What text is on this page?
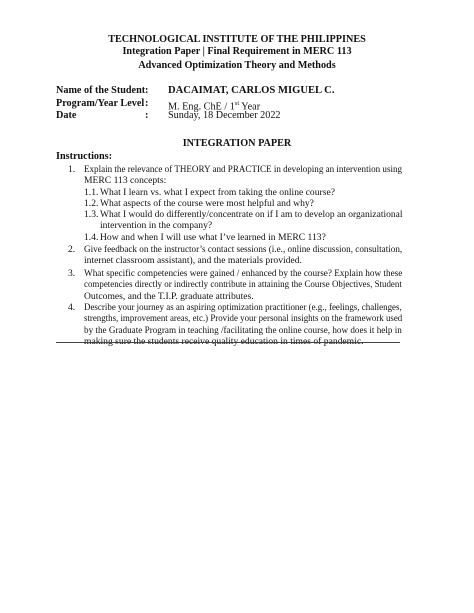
TECHNOLOGICAL INSTITUTE OF THE PHILIPPINES
Integration Paper | Final Requirement in MERC 113
Advanced Optimization Theory and Methods
Name of the Student : DACAIMAT, CARLOS MIGUEL C.
Program/Year Level : M. Eng. ChE / 1st Year
Date	: Sunday, 18 December 2022
INTEGRATION PAPER
Instructions:
1. Explain the relevance of THEORY and PRACTICE in developing an intervention using
MERC 113 concepts:
1.1. What I learn vs. what I expect from taking the online course?
1.2. What aspects of the course were most helpful and why?
1.3. What I would do differently/concentrate on if I am to develop an organizational
intervention in the company?
1.4. How and when I will use what I’ve learned in MERC 113?
2. Give feedback on the instructor’s contact sessions (i.e., online discussion, consultation,
internet classroom assistant), and the materials provided.
3. What specific competencies were gained / enhanced by the course? Explain how these
competencies directly or indirectly contribute in attaining the Course Objectives, Student
Outcomes, and the T.I.P. graduate attributes.
4. Describe your journey as an aspiring optimization practitioner (e.g., feelings, challenges,
strengths, improvement areas, etc.) Provide your personal insights on the framework used
by the Graduate Program in teaching /facilitating the online course, how does it help in
making sure the students receive quality education in times of pandemic.
